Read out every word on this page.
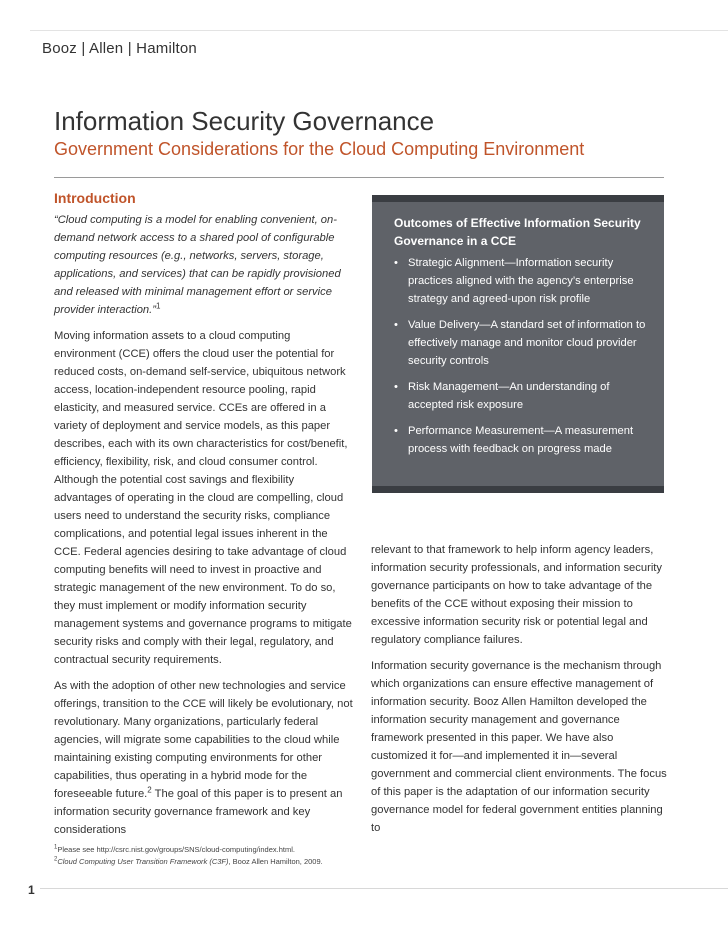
Booz | Allen | Hamilton
Information Security Governance
Government Considerations for the Cloud Computing Environment
Introduction

“Cloud computing is a model for enabling convenient, on-demand network access to a shared pool of configurable computing resources (e.g., networks, servers, storage, applications, and services) that can be rapidly provisioned and released with minimal management effort or service provider interaction.”$^1$

Moving information assets to a cloud computing environment (CCE) offers the cloud user the potential for reduced costs, on-demand self-service, ubiquitous network access, location-independent resource pooling, rapid elasticity, and measured service. CCEs are offered in a variety of deployment and service models, as this paper describes, each with its own characteristics for cost/benefit, efficiency, flexibility, risk, and cloud consumer control. Although the potential cost savings and flexibility advantages of operating in the cloud are compelling, cloud users need to understand the security risks, compliance complications, and potential legal issues inherent in the CCE. Federal agencies desiring to take advantage of cloud computing benefits will need to invest in proactive and strategic management of the new environment. To do so, they must implement or modify information security management systems and governance programs to mitigate security risks and comply with their legal, regulatory, and contractual security requirements.

As with the adoption of other new technologies and service offerings, transition to the CCE will likely be evolutionary, not revolutionary. Many organizations, particularly federal agencies, will migrate some capabilities to the cloud while maintaining existing computing environments for other capabilities, thus operating in a hybrid mode for the foreseeable future.$^2$ The goal of this paper is to present an information security governance framework and key considerations

Outcomes of Effective Information Security Governance in a CCE
• Strategic Alignment—Information security practices aligned with the agency’s enterprise strategy and agreed-upon risk profile
• Value Delivery—A standard set of information to effectively manage and monitor cloud provider security controls
• Risk Management—An understanding of accepted risk exposure
• Performance Measurement—A measurement process with feedback on progress made

relevant to that framework to help inform agency leaders, information security professionals, and information security governance participants on how to take advantage of the benefits of the CCE without exposing their mission to excessive information security risk or potential legal and regulatory compliance failures.

Information security governance is the mechanism through which organizations can ensure effective management of information security. Booz Allen Hamilton developed the information security management and governance framework presented in this paper. We have also customized it for—and implemented it in—several government and commercial client environments. The focus of this paper is the adaptation of our information security governance model for federal government entities planning to

$^1$Please see http://csrc.nist.gov/groups/SNS/cloud-computing/index.html.
$^2$Cloud Computing User Transition Framework (C3F), Booz Allen Hamilton, 2009.
1
